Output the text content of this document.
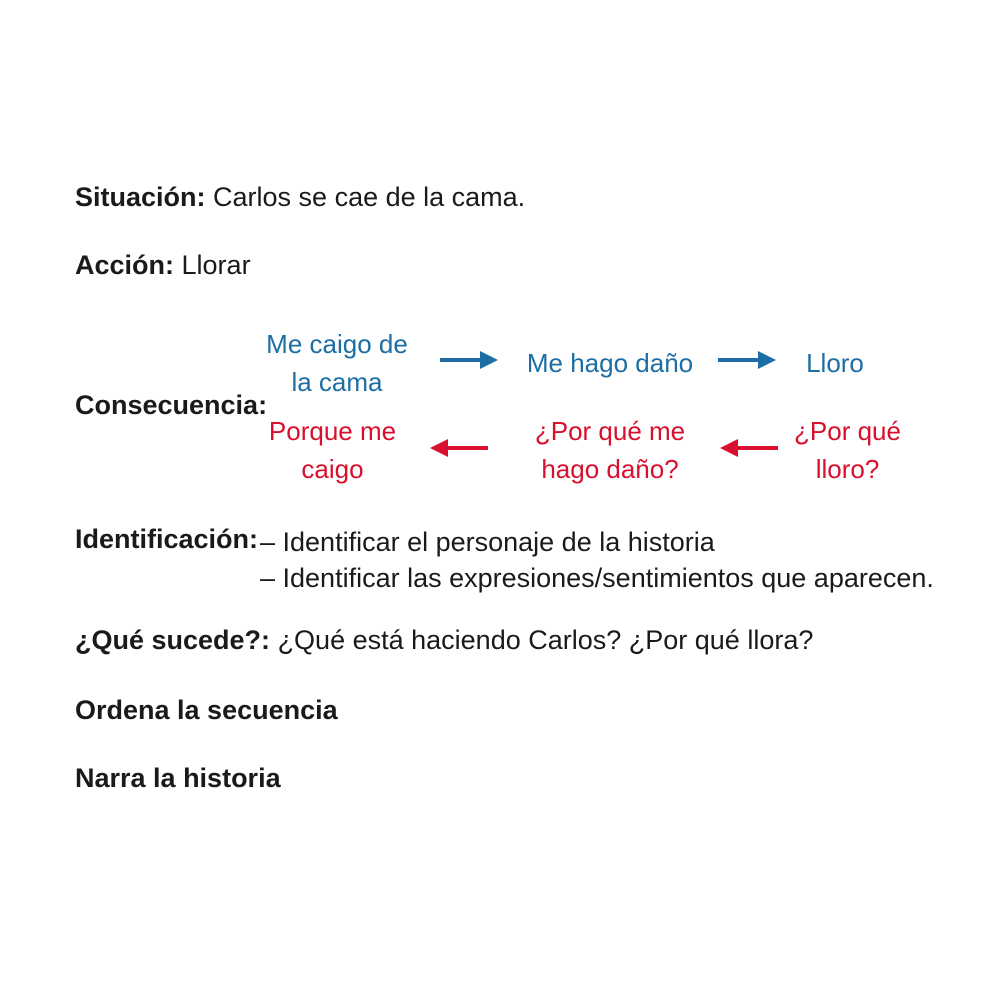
Situación: Carlos se cae de la cama.
Acción: Llorar
Consecuencia:
Me caigo de
la cama
Me hago daño	Lloro
Porque me
caigo
¿Por qué me
hago daño?
¿Por qué
lloro?
Identificación: – Identificar el personaje de la historia
– Identificar las expresiones/sentimientos que aparecen.
¿Qué sucede?: ¿Qué está haciendo Carlos? ¿Por qué llora?
Ordena la secuencia
Narra la historia
